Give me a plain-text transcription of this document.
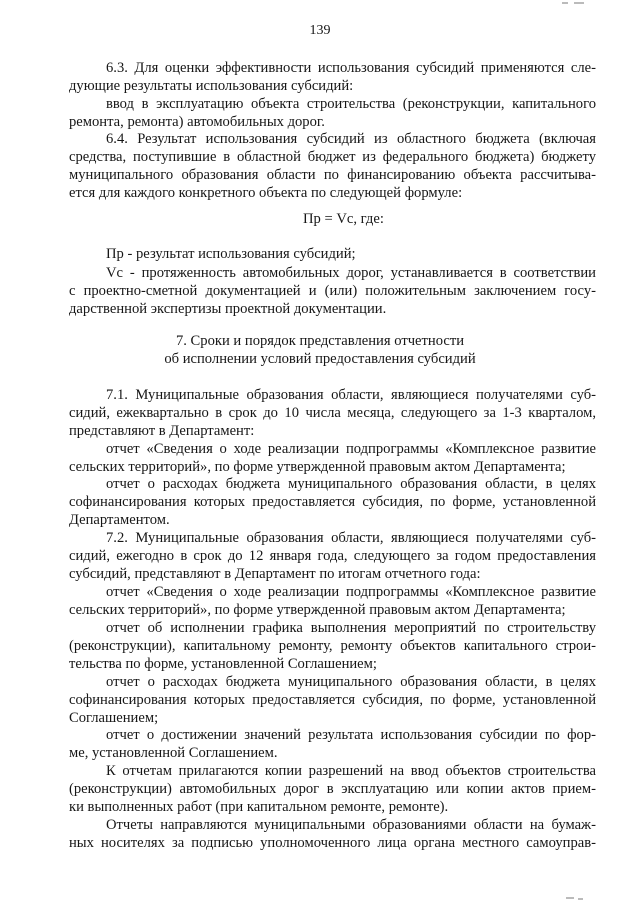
139
6.3. Для оценки эффективности использования субсидий применяются сле-
дующие результаты использования субсидий:
ввод в эксплуатацию объекта строительства (реконструкции, капитального
ремонта, ремонта) автомобильных дорог.
6.4. Результат использования субсидий из областного бюджета (включая
средства, поступившие в областной бюджет из федерального бюджета) бюджету
муниципального образования области по финансированию объекта рассчитыва-
ется для каждого конкретного объекта по следующей формуле:
Пр = Vс, где:
Пр - результат использования субсидий;
Vс - протяженность автомобильных дорог, устанавливается в соответствии
с проектно-сметной документацией и (или) положительным заключением госу-
дарственной экспертизы проектной документации.
7. Сроки и порядок представления отчетности
об исполнении условий предоставления субсидий
7.1. Муниципальные образования области, являющиеся получателями суб-
сидий, ежеквартально в срок до 10 числа месяца, следующего за 1-3 кварталом,
представляют в Департамент:
отчет «Сведения о ходе реализации подпрограммы «Комплексное развитие
сельских территорий», по форме утвержденной правовым актом Департамента;
отчет о расходах бюджета муниципального образования области, в целях
софинансирования которых предоставляется субсидия, по форме, установленной
Департаментом.
7.2. Муниципальные образования области, являющиеся получателями суб-
сидий, ежегодно в срок до 12 января года, следующего за годом предоставления
субсидий, представляют в Департамент по итогам отчетного года:
отчет «Сведения о ходе реализации подпрограммы «Комплексное развитие
сельских территорий», по форме утвержденной правовым актом Департамента;
отчет об исполнении графика выполнения мероприятий по строительству
(реконструкции), капитальному ремонту, ремонту объектов капитального строи-
тельства по форме, установленной Соглашением;
отчет о расходах бюджета муниципального образования области, в целях
софинансирования которых предоставляется субсидия, по форме, установленной
Соглашением;
отчет о достижении значений результата использования субсидии по фор-
ме, установленной Соглашением.
К отчетам прилагаются копии разрешений на ввод объектов строительства
(реконструкции) автомобильных дорог в эксплуатацию или копии актов прием-
ки выполненных работ (при капитальном ремонте, ремонте).
Отчеты направляются муниципальными образованиями области на бумаж-
ных носителях за подписью уполномоченного лица органа местного самоуправ-
